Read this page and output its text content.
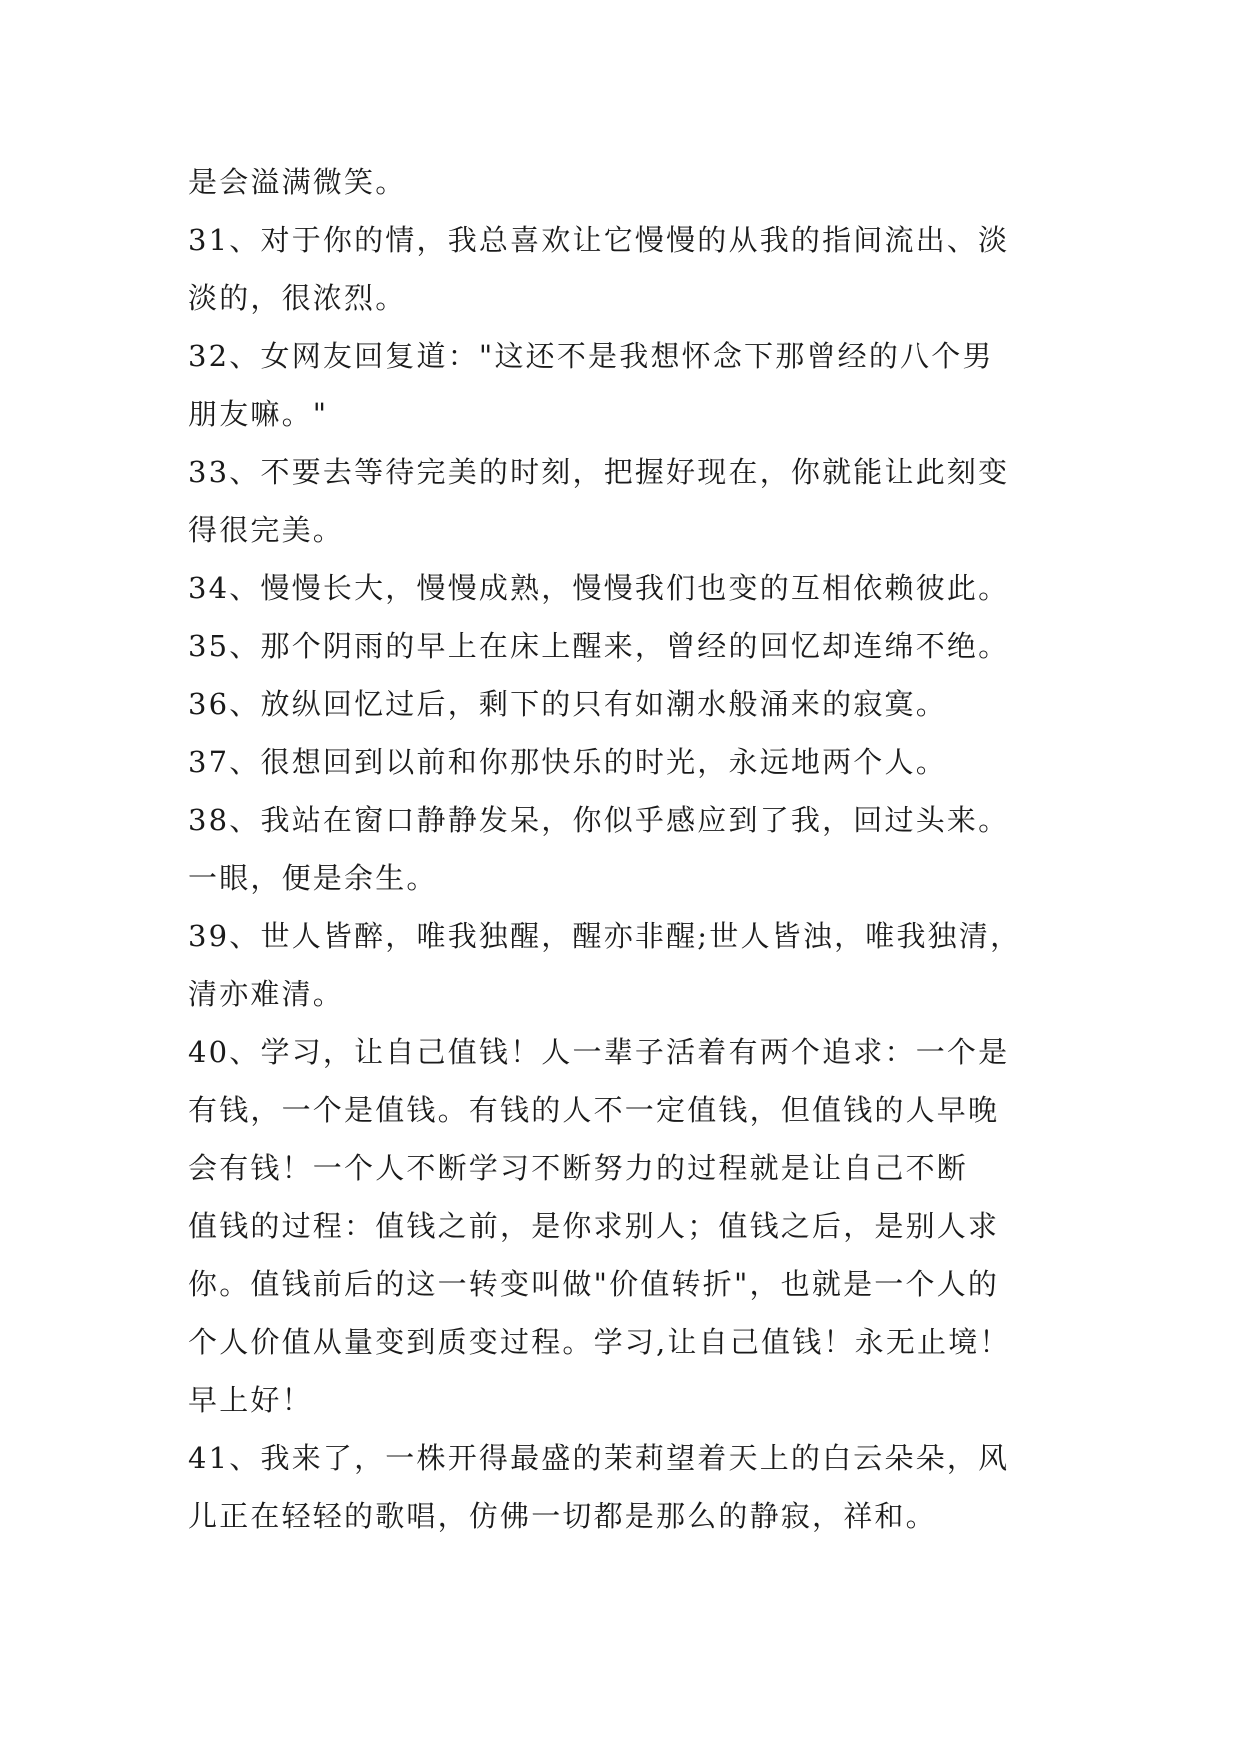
是会溢满微笑。
31、对于你的情，我总喜欢让它慢慢的从我的指间流出、淡
淡的，很浓烈。
32、女网友回复道："这还不是我想怀念下那曾经的八个男
朋友嘛。"
33、不要去等待完美的时刻，把握好现在，你就能让此刻变
得很完美。
34、慢慢长大，慢慢成熟，慢慢我们也变的互相依赖彼此。
35、那个阴雨的早上在床上醒来，曾经的回忆却连绵不绝。
36、放纵回忆过后，剩下的只有如潮水般涌来的寂寞。
37、很想回到以前和你那快乐的时光，永远地两个人。
38、我站在窗口静静发呆，你似乎感应到了我，回过头来。
一眼，便是余生。
39、世人皆醉，唯我独醒，醒亦非醒;世人皆浊，唯我独清，
清亦难清。
40、学习，让自己值钱！人一辈子活着有两个追求：一个是
有钱，一个是值钱。有钱的人不一定值钱，但值钱的人早晚
会有钱！一个人不断学习不断努力的过程就是让自己不断
值钱的过程：值钱之前，是你求别人；值钱之后，是别人求
你。值钱前后的这一转变叫做"价值转折"，也就是一个人的
个人价值从量变到质变过程。学习,让自己值钱！永无止境！
早上好！
41、我来了，一株开得最盛的茉莉望着天上的白云朵朵，风
儿正在轻轻的歌唱，仿佛一切都是那么的静寂，祥和。
